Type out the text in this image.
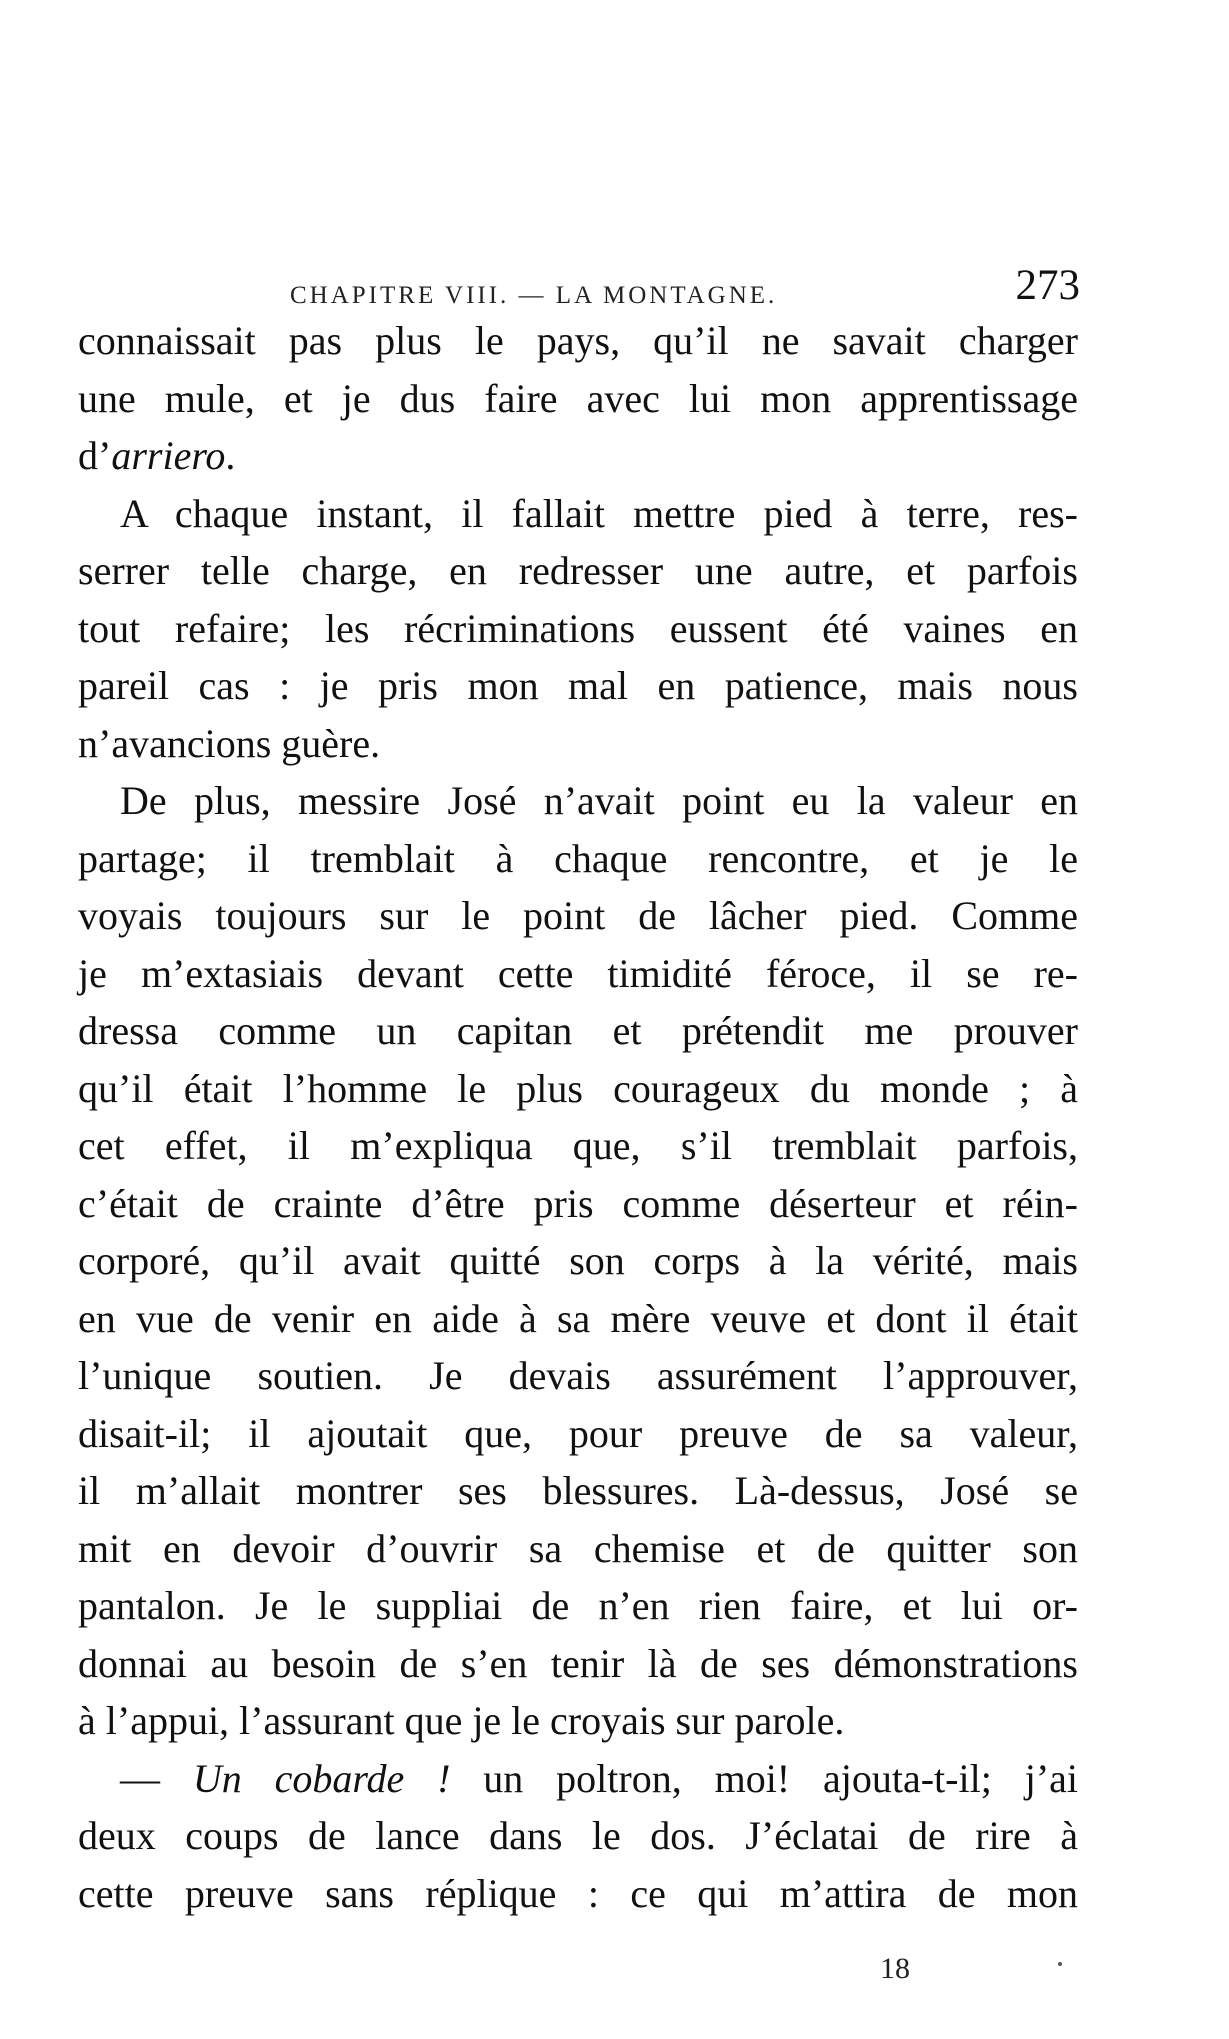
CHAPITRE VIII. — LA MONTAGNE.	273

connaissait pas plus le pays, qu’il ne savait charger
une mule, et je dus faire avec lui mon apprentissage
d’arriero.

A chaque instant, il fallait mettre pied à terre, res-
serrer telle charge, en redresser une autre, et parfois
tout refaire; les récriminations eussent été vaines en
pareil cas : je pris mon mal en patience, mais nous
n’avancions guère.

De plus, messire José n’avait point eu la valeur en
partage; il tremblait à chaque rencontre, et je le
voyais toujours sur le point de lâcher pied. Comme
je m’extasiais devant cette timidité féroce, il se re-
dressa comme un capitan et prétendit me prouver
qu’il était l’homme le plus courageux du monde ; à
cet effet, il m’expliqua que, s’il tremblait parfois,
c’était de crainte d’être pris comme déserteur et réin-
corporé, qu’il avait quitté son corps à la vérité, mais
en vue de venir en aide à sa mère veuve et dont il était
l’unique soutien. Je devais assurément l’approuver,
disait-il; il ajoutait que, pour preuve de sa valeur,
il m’allait montrer ses blessures. Là-dessus, José se
mit en devoir d’ouvrir sa chemise et de quitter son
pantalon. Je le suppliai de n’en rien faire, et lui or-
donnai au besoin de s’en tenir là de ses démonstrations
à l’appui, l’assurant que je le croyais sur parole.

— Un cobarde ! un poltron, moi! ajouta-t-il; j’ai
deux coups de lance dans le dos. J’éclatai de rire à
cette preuve sans réplique : ce qui m’attira de mon

18
